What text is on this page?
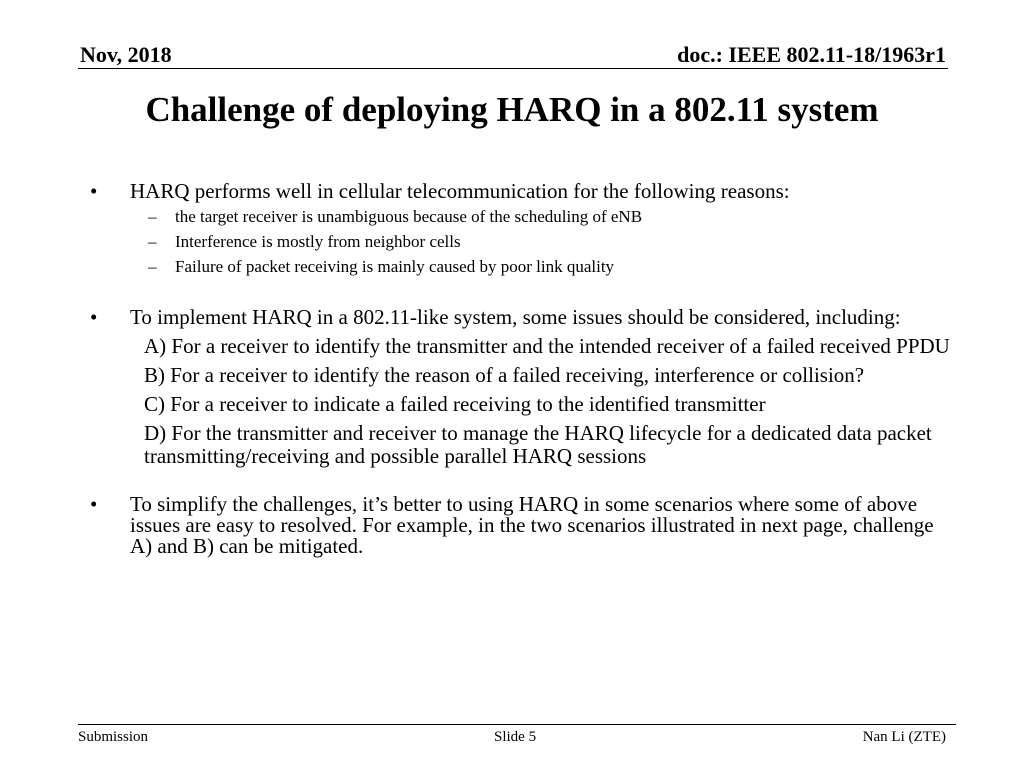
Nov, 2018	doc.: IEEE 802.11-18/1963r1
Challenge of deploying HARQ in a 802.11 system
• HARQ performs well in cellular telecommunication for the following reasons:
– the target receiver is unambiguous because of the scheduling of eNB
– Interference is mostly from neighbor cells
– Failure of packet receiving is mainly caused by poor link quality
• To implement HARQ in a 802.11-like system, some issues should be considered, including:
A) For a receiver to identify the transmitter and the intended receiver of a failed received PPDU
B) For a receiver to identify the reason of a failed receiving, interference or collision?
C) For a receiver to indicate a failed receiving to the identified transmitter
D) For the transmitter and receiver to manage the HARQ lifecycle for a dedicated data packet transmitting/receiving and possible parallel HARQ sessions
• To simplify the challenges, it’s better to using HARQ in some scenarios where some of above issues are easy to resolved. For example, in the two scenarios illustrated in next page, challenge A) and B) can be mitigated.
Submission	Slide 5	Nan Li (ZTE)
